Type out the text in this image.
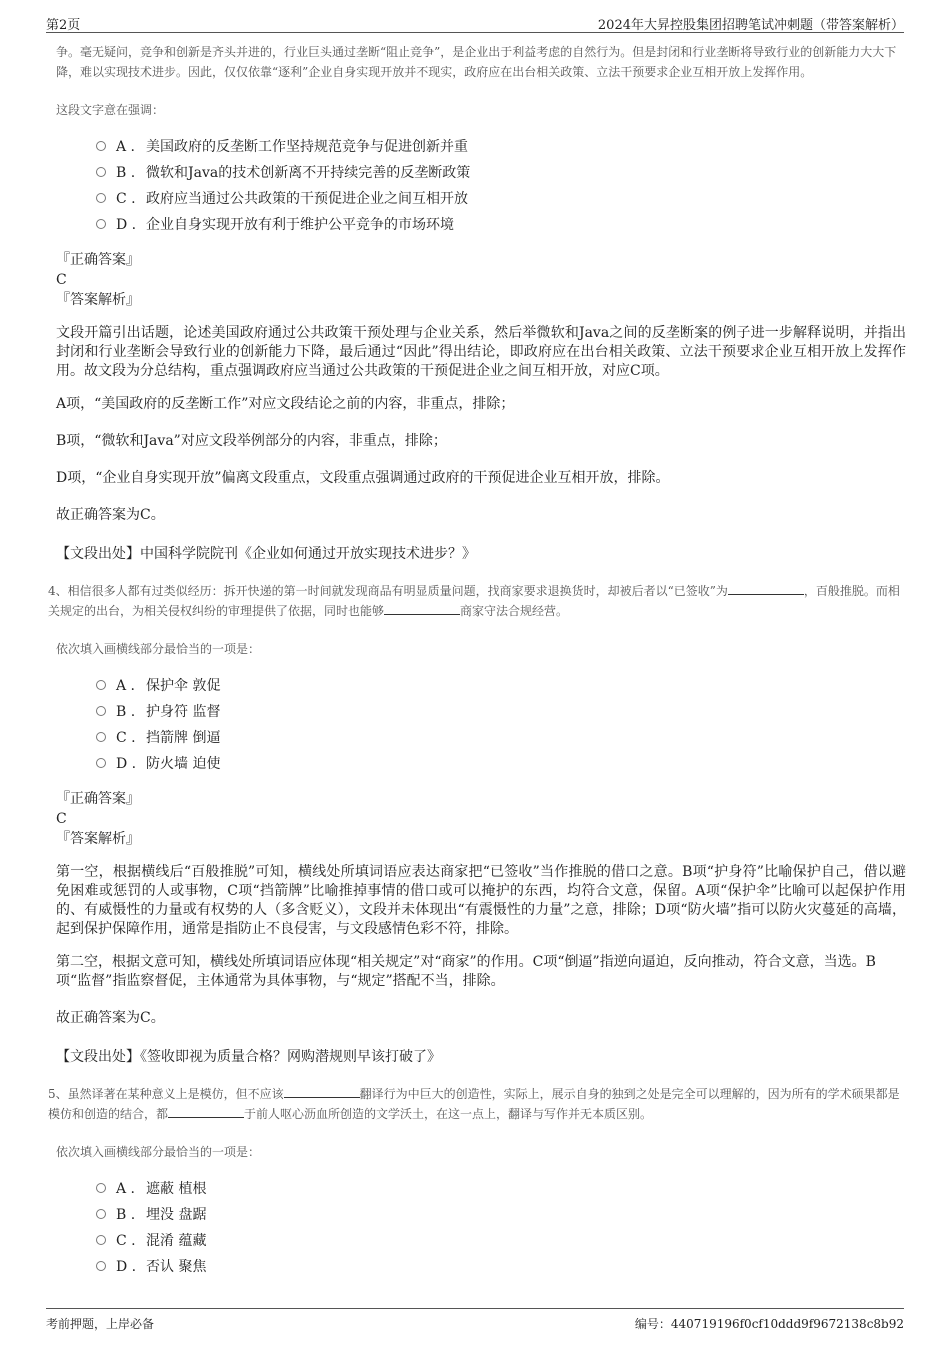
第2页	2024年大昇控股集团招聘笔试冲刺题（带答案解析）

争。毫无疑问，竞争和创新是齐头并进的，行业巨头通过垄断“阻止竞争”，是企业出于利益考虑的自然行为。但是封闭和行业垄断将导致行业的创新能力大大下降，难以实现技术进步。因此，仅仅依靠“逐利”企业自身实现开放并不现实，政府应在出台相关政策、立法干预要求企业互相开放上发挥作用。

这段文字意在强调：

A . 美国政府的反垄断工作坚持规范竞争与促进创新并重
B . 微软和Java的技术创新离不开持续完善的反垄断政策
C . 政府应当通过公共政策的干预促进企业之间互相开放
D . 企业自身实现开放有利于维护公平竞争的市场环境
『正确答案』
C
『答案解析』

文段开篇引出话题，论述美国政府通过公共政策干预处理与企业关系，然后举微软和Java之间的反垄断案的例子进一步解释说明，并指出封闭和行业垄断会导致行业的创新能力下降，最后通过“因此”得出结论，即政府应在出台相关政策、立法干预要求企业互相开放上发挥作用。故文段为分总结构，重点强调政府应当通过公共政策的干预促进企业之间互相开放，对应C项。

A项，“美国政府的反垄断工作”对应文段结论之前的内容，非重点，排除；

B项，“微软和Java”对应文段举例部分的内容，非重点，排除；

D项，“企业自身实现开放”偏离文段重点，文段重点强调通过政府的干预促进企业互相开放，排除。

故正确答案为C。

【文段出处】中国科学院院刊《企业如何通过开放实现技术进步？》

4、相信很多人都有过类似经历：拆开快递的第一时间就发现商品有明显质量问题，找商家要求退换货时，却被后者以“已签收”为	，百般推脱。而相关规定的出台，为相关侵权纠纷的审理提供了依据，同时也能够	商家守法合规经营。

依次填入画横线部分最恰当的一项是：

A . 保护伞 敦促
B . 护身符 监督
C . 挡箭牌 倒逼
D . 防火墙 迫使
『正确答案』
C
『答案解析』

第一空，根据横线后“百般推脱”可知，横线处所填词语应表达商家把“已签收”当作推脱的借口之意。B项“护身符”比喻保护自己，借以避免困难或惩罚的人或事物，C项“挡箭牌”比喻推掉事情的借口或可以掩护的东西，均符合文意，保留。A项“保护伞”比喻可以起保护作用的、有威慑性的力量或有权势的人（多含贬义），文段并未体现出“有震慑性的力量”之意，排除；D项“防火墙”指可以防火灾蔓延的高墙，起到保护保障作用，通常是指防止不良侵害，与文段感情色彩不符，排除。

第二空，根据文意可知，横线处所填词语应体现“相关规定”对“商家”的作用。C项“倒逼”指逆向逼迫，反向推动，符合文意，当选。B项“监督”指监察督促，主体通常为具体事物，与“规定”搭配不当，排除。

故正确答案为C。

【文段出处】《签收即视为质量合格？网购潜规则早该打破了》

5、虽然译著在某种意义上是模仿，但不应该	翻译行为中巨大的创造性，实际上，展示自身的独到之处是完全可以理解的，因为所有的学术硕果都是模仿和创造的结合，都	于前人呕心沥血所创造的文学沃土，在这一点上，翻译与写作并无本质区别。

依次填入画横线部分最恰当的一项是：

A . 遮蔽 植根
B . 埋没 盘踞
C . 混淆 蕴藏
D . 否认 聚焦
考前押题，上岸必备	编号：440719196f0cf10ddd9f9672138c8b92
